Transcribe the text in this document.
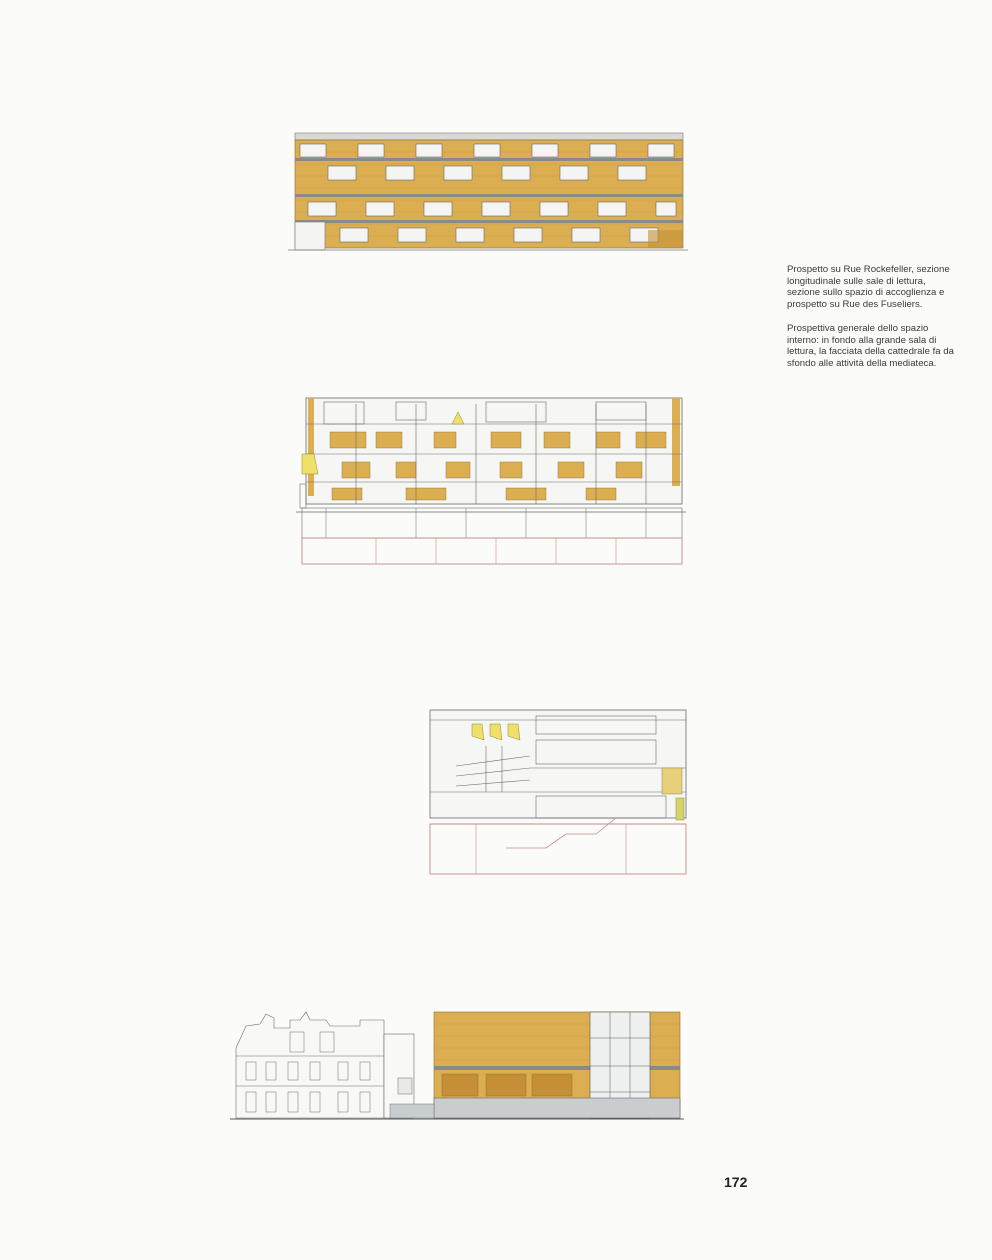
Prospetto su Rue Rockefeller, sezione longitudinale sulle sale di lettura, sezione sullo spazio di accoglienza e prospetto su Rue des Fuseliers.

Prospettiva generale dello spazio interno: in fondo alla grande sala di lettura, la facciata della cattedrale fa da sfondo alle attività della mediateca.

172
